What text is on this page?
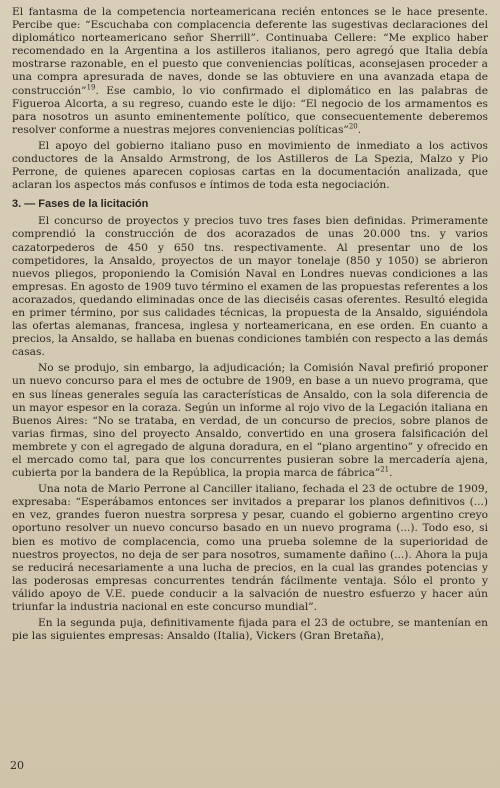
El fantasma de la competencia norteamericana recién entonces se le hace presente. Percibe que: “Escuchaba con complacencia deferente las sugestivas declaraciones del diplomático norteamericano señor Sherrill”. Continuaba Cellere: “Me explico haber recomendado en la Argentina a los astilleros italianos, pero agregó que Italia debía mostrarse razonable, en el puesto que conveniencias políticas, aconsejasen proceder a una compra apresurada de naves, donde se las obtuviere en una avanzada etapa de construcción”$^{19}$. Ese cambio, lo vio confirmado el diplomático en las palabras de Figueroa Alcorta, a su regreso, cuando este le dijo: “El negocio de los armamentos es para nosotros un asunto eminentemente político, que consecuentemente deberemos resolver conforme a nuestras mejores conveniencias políticas”$^{20}$.

El apoyo del gobierno italiano puso en movimiento de inmediato a los activos conductores de la Ansaldo Armstrong, de los Astilleros de La Spezia, Malzo y Pio Perrone, de quienes aparecen copiosas cartas en la documentación analizada, que aclaran los aspectos más confusos e íntimos de toda esta negociación.

3. — Fases de la licitación

El concurso de proyectos y precios tuvo tres fases bien definidas. Primeramente comprendió la construcción de dos acorazados de unas 20.000 tns. y varios cazatorpederos de 450 y 650 tns. respectivamente. Al presentar uno de los competidores, la Ansaldo, proyectos de un mayor tonelaje (850 y 1050) se abrieron nuevos pliegos, proponiendo la Comisión Naval en Londres nuevas condiciones a las empresas. En agosto de 1909 tuvo término el examen de las propuestas referentes a los acorazados, quedando eliminadas once de las dieciséis casas oferentes. Resultó elegida en primer término, por sus calidades técnicas, la propuesta de la Ansaldo, siguiéndola las ofertas alemanas, francesa, inglesa y norteamericana, en ese orden. En cuanto a precios, la Ansaldo, se hallaba en buenas condiciones también con respecto a las demás casas.

No se produjo, sin embargo, la adjudicación; la Comisión Naval prefirió proponer un nuevo concurso para el mes de octubre de 1909, en base a un nuevo programa, que en sus líneas generales seguía las características de Ansaldo, con la sola diferencia de un mayor espesor en la coraza. Según un informe al rojo vivo de la Legación italiana en Buenos Aires: “No se trataba, en verdad, de un concurso de precios, sobre planos de varias firmas, sino del proyecto Ansaldo, convertido en una grosera falsificación del membrete y con el agregado de alguna doradura, en el “plano argentino” y ofrecido en el mercado como tal, para que los concurrentes pusieran sobre la mercadería ajena, cubierta por la bandera de la República, la propia marca de fábrica”$^{21}$.

Una nota de Mario Perrone al Canciller italiano, fechada el 23 de octubre de 1909, expresaba: “Esperábamos entonces ser invitados a preparar los planos definitivos (...) en vez, grandes fueron nuestra sorpresa y pesar, cuando el gobierno argentino creyo oportuno resolver un nuevo concurso basado en un nuevo programa (...). Todo eso, si bien es motivo de complacencia, como una prueba solemne de la superioridad de nuestros proyectos, no deja de ser para nosotros, sumamente dañino (...). Ahora la puja se reducirá necesariamente a una lucha de precios, en la cual las grandes potencias y las poderosas empresas concurrentes tendrán fácilmente ventaja. Sólo el pronto y válido apoyo de V.E. puede conducir a la salvación de nuestro esfuerzo y hacer aún triunfar la industria nacional en este concurso mundial”.

En la segunda puja, definitivamente fijada para el 23 de octubre, se mantenían en pie las siguientes empresas: Ansaldo (Italia), Vickers (Gran Bretaña),

20
